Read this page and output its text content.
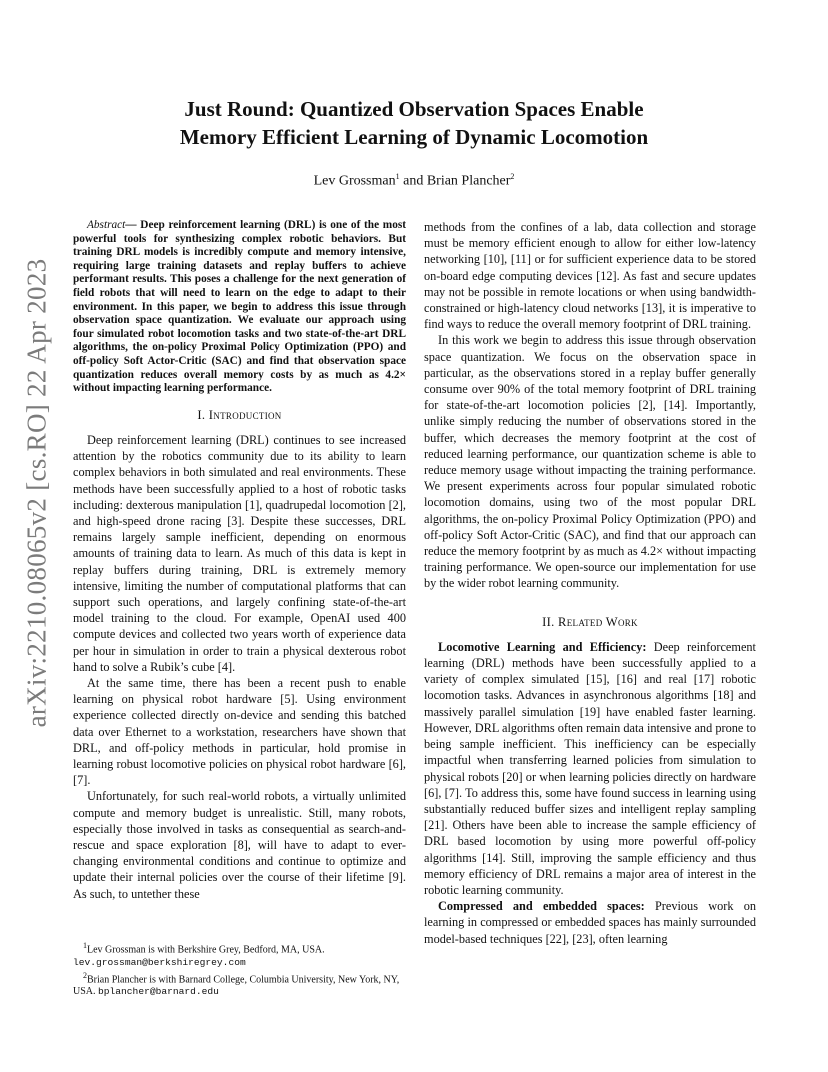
arXiv:2210.08065v2 [cs.RO] 22 Apr 2023
Just Round: Quantized Observation Spaces Enable
Memory Efficient Learning of Dynamic Locomotion
Lev Grossman$^1$ and Brian Plancher$^2$

Abstract— Deep reinforcement learning (DRL) is one of the most powerful tools for synthesizing complex robotic behaviors. But training DRL models is incredibly compute and memory intensive, requiring large training datasets and replay buffers to achieve performant results. This poses a challenge for the next generation of field robots that will need to learn on the edge to adapt to their environment. In this paper, we begin to address this issue through observation space quantization. We evaluate our approach using four simulated robot locomotion tasks and two state-of-the-art DRL algorithms, the on-policy Proximal Policy Optimization (PPO) and off-policy Soft Actor-Critic (SAC) and find that observation space quantization reduces overall memory costs by as much as 4.2× without impacting learning performance.

I. Introduction

Deep reinforcement learning (DRL) continues to see increased attention by the robotics community due to its ability to learn complex behaviors in both simulated and real environments. These methods have been successfully applied to a host of robotic tasks including: dexterous manipulation [1], quadrupedal locomotion [2], and high-speed drone racing [3]. Despite these successes, DRL remains largely sample inefficient, depending on enormous amounts of training data to learn. As much of this data is kept in replay buffers during training, DRL is extremely memory intensive, limiting the number of computational platforms that can support such operations, and largely confining state-of-the-art model training to the cloud. For example, OpenAI used 400 compute devices and collected two years worth of experience data per hour in simulation in order to train a physical dexterous robot hand to solve a Rubik’s cube [4].

At the same time, there has been a recent push to enable learning on physical robot hardware [5]. Using environment experience collected directly on-device and sending this batched data over Ethernet to a workstation, researchers have shown that DRL, and off-policy methods in particular, hold promise in learning robust locomotive policies on physical robot hardware [6], [7].

Unfortunately, for such real-world robots, a virtually unlimited compute and memory budget is unrealistic. Still, many robots, especially those involved in tasks as consequential as search-and-rescue and space exploration [8], will have to adapt to ever-changing environmental conditions and continue to optimize and update their internal policies over the course of their lifetime [9]. As such, to untether these

$^1$Lev Grossman is with Berkshire Grey, Bedford, MA, USA. lev.grossman@berkshiregrey.com

$^2$Brian Plancher is with Barnard College, Columbia University, New York, NY, USA. bplancher@barnard.edu

methods from the confines of a lab, data collection and storage must be memory efficient enough to allow for either low-latency networking [10], [11] or for sufficient experience data to be stored on-board edge computing devices [12]. As fast and secure updates may not be possible in remote locations or when using bandwidth-constrained or high-latency cloud networks [13], it is imperative to find ways to reduce the overall memory footprint of DRL training.

In this work we begin to address this issue through observation space quantization. We focus on the observation space in particular, as the observations stored in a replay buffer generally consume over 90% of the total memory footprint of DRL training for state-of-the-art locomotion policies [2], [14]. Importantly, unlike simply reducing the number of observations stored in the buffer, which decreases the memory footprint at the cost of reduced learning performance, our quantization scheme is able to reduce memory usage without impacting the training performance. We present experiments across four popular simulated robotic locomotion domains, using two of the most popular DRL algorithms, the on-policy Proximal Policy Optimization (PPO) and off-policy Soft Actor-Critic (SAC), and find that our approach can reduce the memory footprint by as much as 4.2× without impacting training performance. We open-source our implementation for use by the wider robot learning community.

II. Related Work

Locomotive Learning and Efficiency: Deep reinforcement learning (DRL) methods have been successfully applied to a variety of complex simulated [15], [16] and real [17] robotic locomotion tasks. Advances in asynchronous algorithms [18] and massively parallel simulation [19] have enabled faster learning. However, DRL algorithms often remain data intensive and prone to being sample inefficient. This inefficiency can be especially impactful when transferring learned policies from simulation to physical robots [20] or when learning policies directly on hardware [6], [7]. To address this, some have found success in learning using substantially reduced buffer sizes and intelligent replay sampling [21]. Others have been able to increase the sample efficiency of DRL based locomotion by using more powerful off-policy algorithms [14]. Still, improving the sample efficiency and thus memory efficiency of DRL remains a major area of interest in the robotic learning community.

Compressed and embedded spaces: Previous work on learning in compressed or embedded spaces has mainly surrounded model-based techniques [22], [23], often learning
